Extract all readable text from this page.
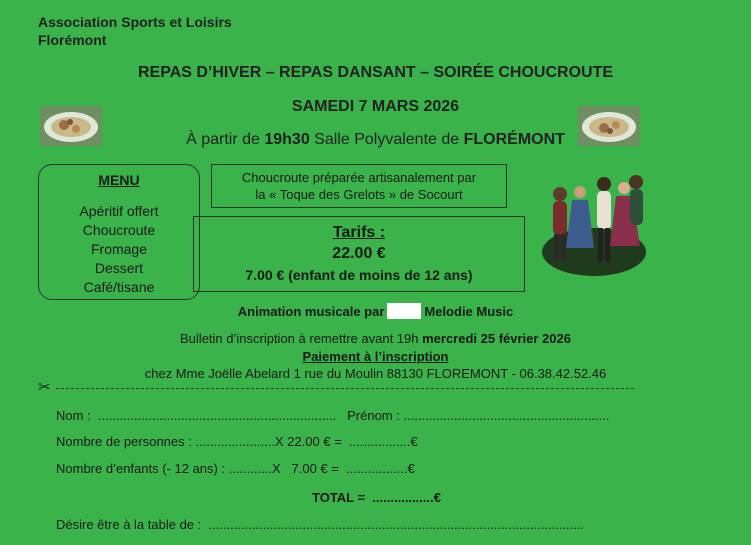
Association Sports et Loisirs
Florémont
REPAS D’HIVER – REPAS DANSANT – SOIRÉE CHOUCROUTE
SAMEDI 7 MARS 2026
À partir de 19h30 Salle Polyvalente de FLORÉMONT
MENU
Apéritif offert
Choucroute
Fromage
Dessert
Café/tisane
Choucroute préparée artisanalement par
la « Toque des Grelots » de Socourt
Tarifs :
22.00 €
7.00 € (enfant de moins de 12 ans)
Animation musicale par	Melodie Music
Bulletin d’inscription à remettre avant 19h mercredi 25 février 2026
Paiement à l’inscription
chez Mme Joëlle Abelard 1 rue du Moulin 88130 FLOREMONT - 06.38.42.52.46
✂
Nom :  ..................................................................   Prénom : .........................................................
Nombre de personnes : ......................X 22.00 € =  .................€
Nombre d’enfants (- 12 ans) : ............X   7.00 € =  .................€
TOTAL =  .................€
Désire être à la table de :  ........................................................................................................
